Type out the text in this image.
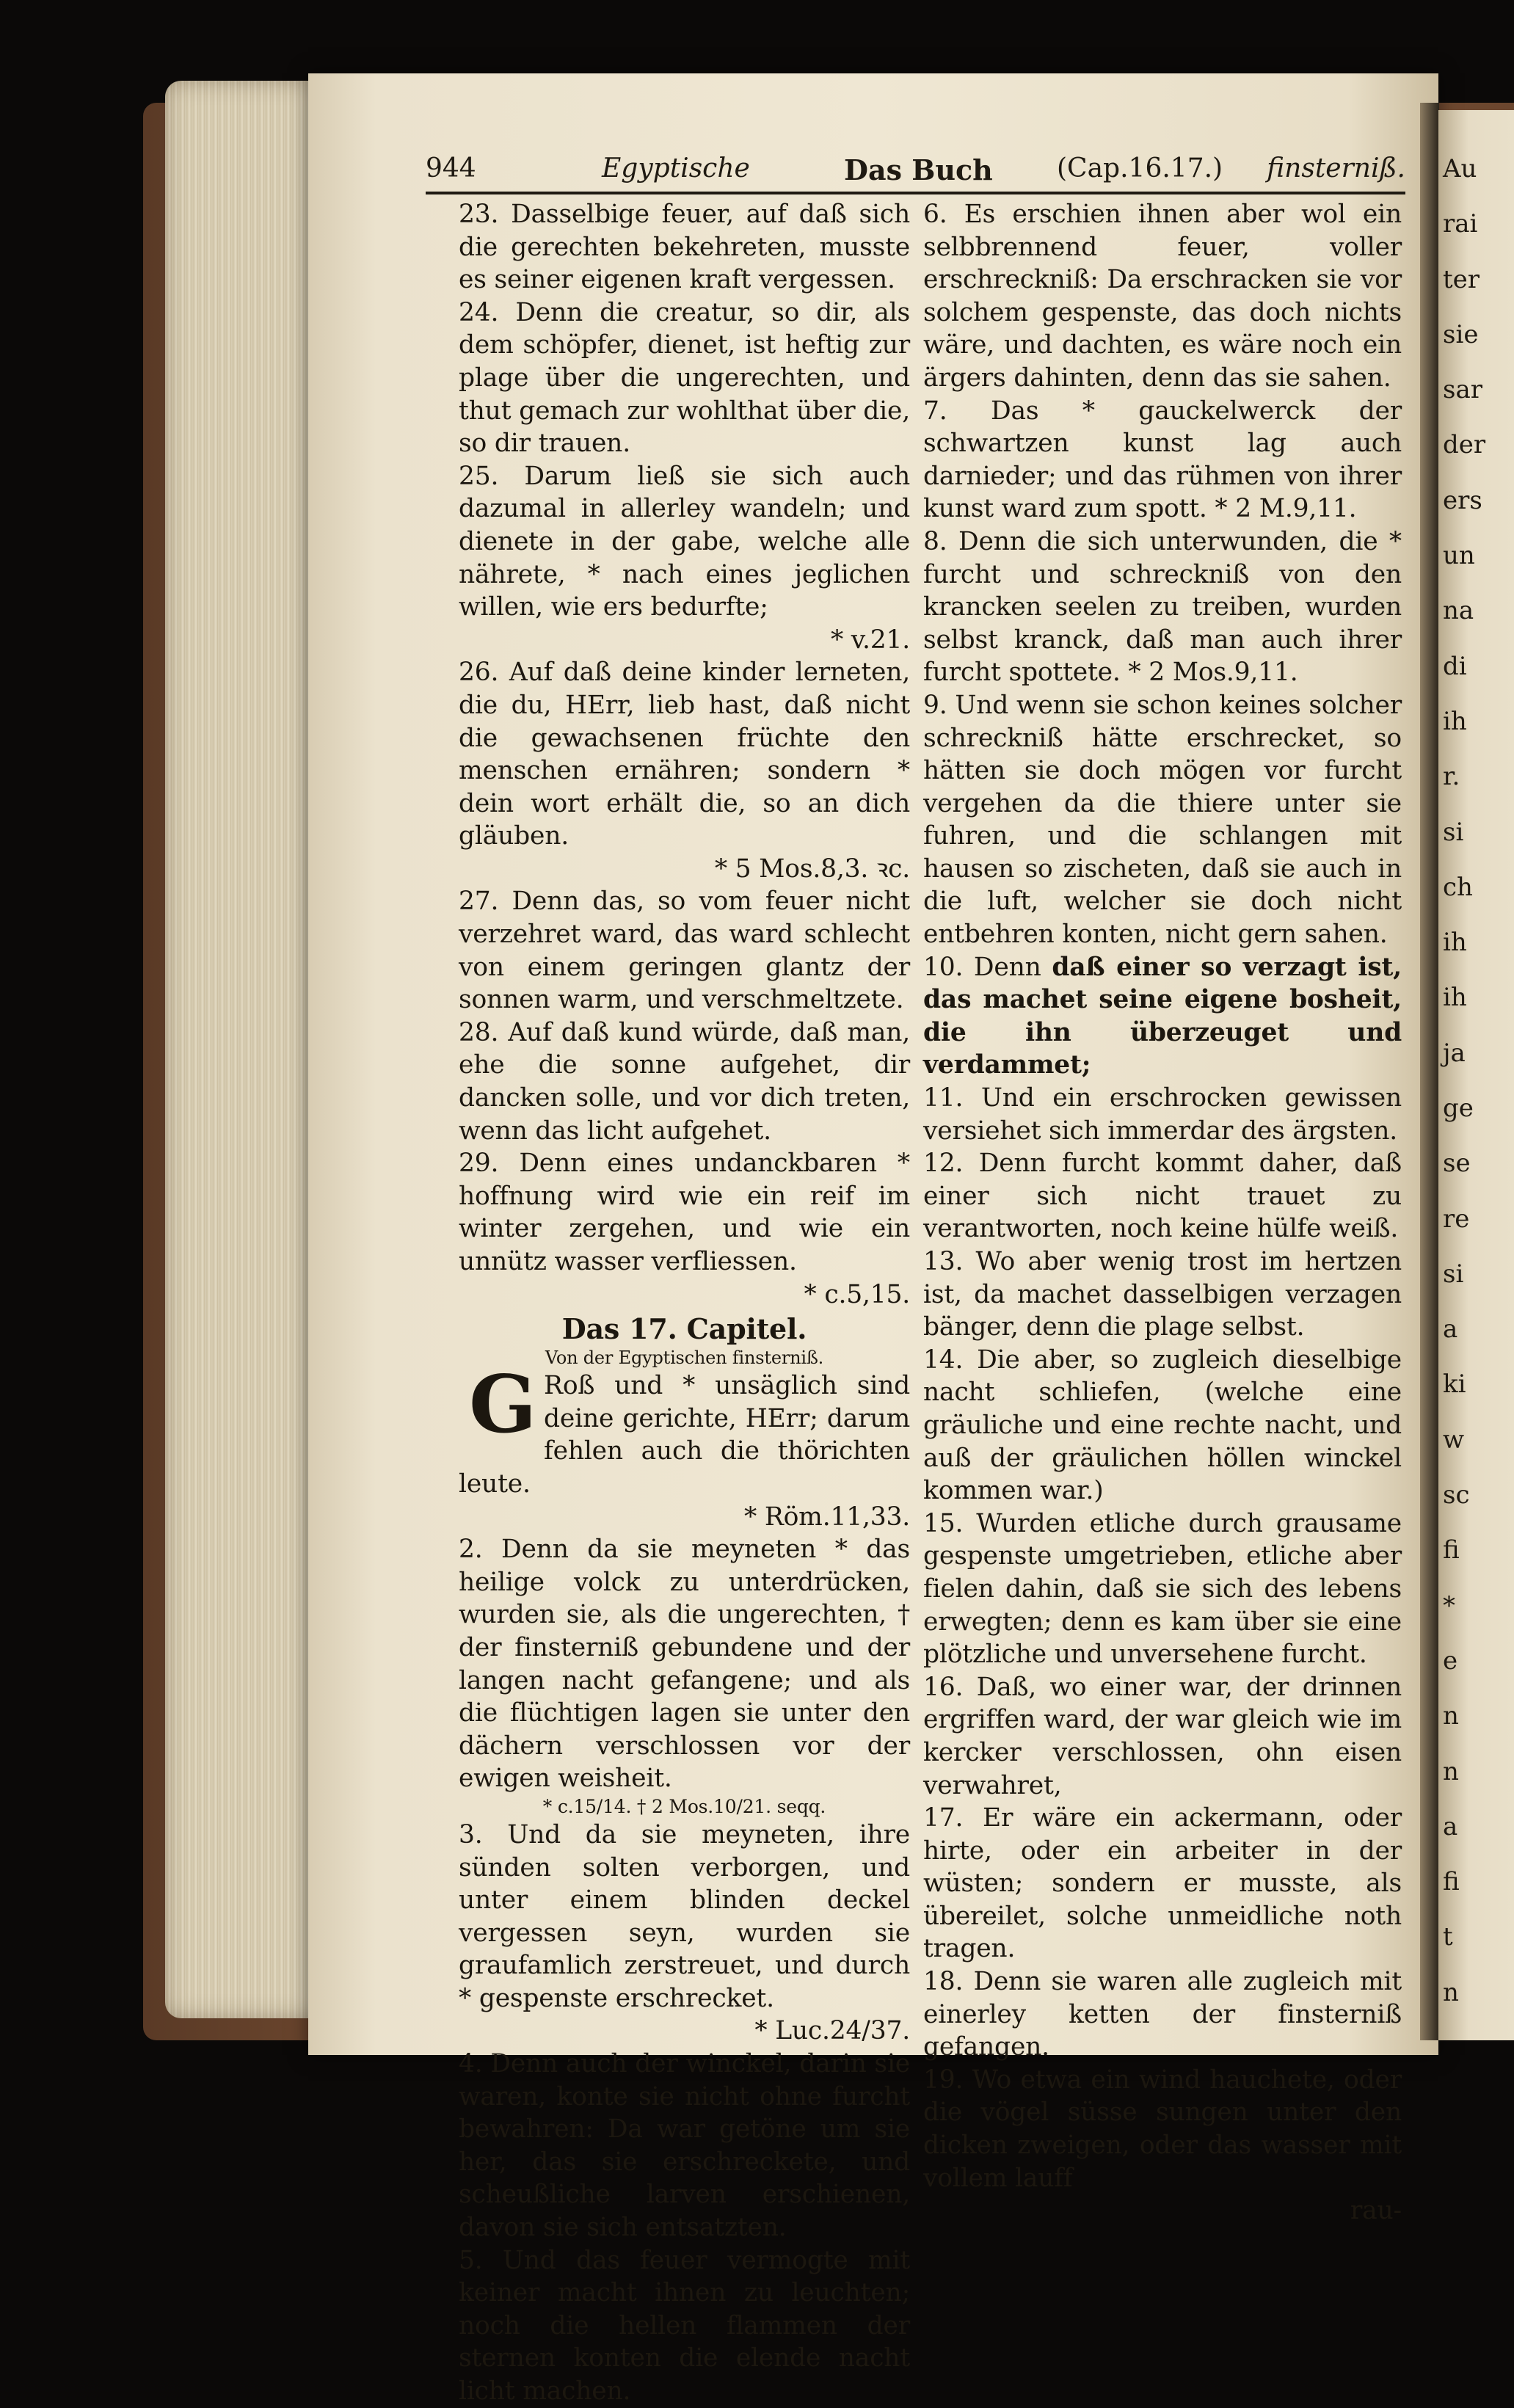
Au
rai
ter
sie
sar
der
ers
un
na
di
ih
r.
si
ch
ih
ih
ja
ge
se
re
si
a
ki
w
sc
fi
*
e
n
n
a
fi
t
n
944	Egyptische	Das Buch (Cap.16.17.) finsterniß.

23. Dasselbige feuer, auf daß sich die gerechten bekehreten, musste es seiner eigenen kraft vergessen.

24. Denn die creatur, so dir, als dem schöpfer, dienet, ist heftig zur plage über die ungerechten, und thut gemach zur wohlthat über die, so dir trauen.

25. Darum ließ sie sich auch dazumal in allerley wandeln; und dienete in der gabe, welche alle nährete, * nach eines jeglichen willen, wie ers bedurfte;

* v.21.

26. Auf daß deine kinder lerneten, die du, HErr, lieb hast, daß nicht die gewachsenen früchte den menschen ernähren; sondern * dein wort erhält die, so an dich gläuben.

* 5 Mos.8,3. ꝛc.

27. Denn das, so vom feuer nicht verzehret ward, das ward schlecht von einem geringen glantz der sonnen warm, und verschmeltzete.

28. Auf daß kund würde, daß man, ehe die sonne aufgehet, dir dancken solle, und vor dich treten, wenn das licht aufgehet.

29. Denn eines undanckbaren * hoffnung wird wie ein reif im winter zergehen, und wie ein unnütz wasser verfliessen.

* c.5,15.

Das 17. Capitel.
Von der Egyptischen finsterniß.

G Roß und * unsäglich sind deine gerichte, HErr; darum fehlen auch die thörichten leute.

* Röm.11,33.

2. Denn da sie meyneten * das heilige volck zu unterdrücken, wurden sie, als die ungerechten, † der finsterniß gebundene und der langen nacht gefangene; und als die flüchtigen lagen sie unter den dächern verschlossen vor der ewigen weisheit.

* c.15/14. † 2 Mos.10/21. seqq.

3. Und da sie meyneten, ihre sünden solten verborgen, und unter einem blinden deckel vergessen seyn, wurden sie graufamlich zerstreuet, und durch * gespenste erschrecket.

* Luc.24/37.

4. Denn auch der winckel, darin sie waren, konte sie nicht ohne furcht bewahren: Da war getöne um sie her, das sie erschreckete, und scheußliche larven erschienen, davon sie sich entsatzten.

5. Und das feuer vermogte mit keiner macht ihnen zu leuchten; noch die hellen flammen der sternen konten die elende nacht licht machen.

6. Es erschien ihnen aber wol ein selbbrennend feuer, voller erschreckniß: Da erschracken sie vor solchem gespenste, das doch nichts wäre, und dachten, es wäre noch ein ärgers dahinten, denn das sie sahen.

7. Das * gauckelwerck der schwartzen kunst lag auch darnieder; und das rühmen von ihrer kunst ward zum spott. * 2 M.9,11.

8. Denn die sich unterwunden, die * furcht und schreckniß von den krancken seelen zu treiben, wurden selbst kranck, daß man auch ihrer furcht spottete. * 2 Mos.9,11.

9. Und wenn sie schon keines solcher schreckniß hätte erschrecket, so hätten sie doch mögen vor furcht vergehen da die thiere unter sie fuhren, und die schlangen mit hausen so zischeten, daß sie auch in die luft, welcher sie doch nicht entbehren konten, nicht gern sahen.

10. Denn daß einer so verzagt ist, das machet seine eigene bosheit, die ihn überzeuget und verdammet;

11. Und ein erschrocken gewissen versiehet sich immerdar des ärgsten.

12. Denn furcht kommt daher, daß einer sich nicht trauet zu verantworten, noch keine hülfe weiß.

13. Wo aber wenig trost im hertzen ist, da machet dasselbigen verzagen bänger, denn die plage selbst.

14. Die aber, so zugleich dieselbige nacht schliefen, (welche eine gräuliche und eine rechte nacht, und auß der gräulichen höllen winckel kommen war.)

15. Wurden etliche durch grausame gespenste umgetrieben, etliche aber fielen dahin, daß sie sich des lebens erwegten; denn es kam über sie eine plötzliche und unversehene furcht.

16. Daß, wo einer war, der drinnen ergriffen ward, der war gleich wie im kercker verschlossen, ohn eisen verwahret,

17. Er wäre ein ackermann, oder hirte, oder ein arbeiter in der wüsten; sondern er musste, als übereilet, solche unmeidliche noth tragen.

18. Denn sie waren alle zugleich mit einerley ketten der finsterniß gefangen.

19. Wo etwa ein wind hauchete, oder die vögel süsse sungen unter den dicken zweigen, oder das wasser mit vollem lauff

rau-
